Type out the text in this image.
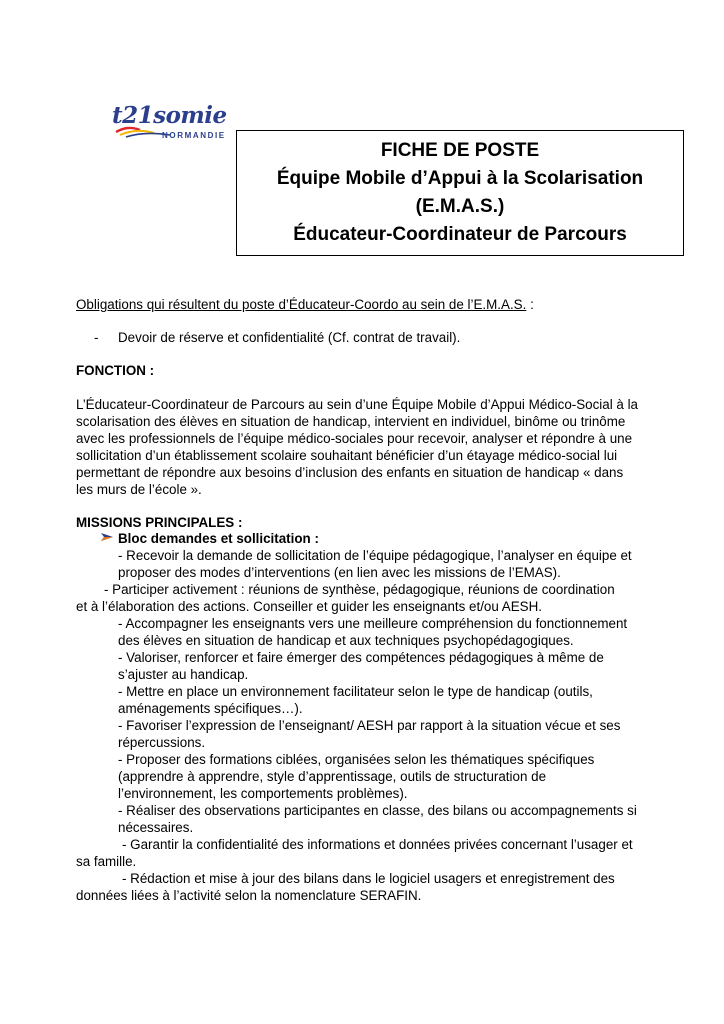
t21somie
NORMANDIE
FICHE DE POSTE
Équipe Mobile d’Appui à la Scolarisation
(E.M.A.S.)
Éducateur-Coordinateur de Parcours
Obligations qui résultent du poste d’Éducateur-Coordo au sein de l’E.M.A.S. :
- Devoir de réserve et confidentialité (Cf. contrat de travail).
FONCTION :
L’Éducateur-Coordinateur de Parcours au sein d’une Équipe Mobile d’Appui Médico-Social à la
scolarisation des élèves en situation de handicap, intervient en individuel, binôme ou trinôme
avec les professionnels de l’équipe médico-sociales pour recevoir, analyser et répondre à une
sollicitation d’un établissement scolaire souhaitant bénéficier d’un étayage médico-social lui
permettant de répondre aux besoins d’inclusion des enfants en situation de handicap « dans
les murs de l’école ».
MISSIONS PRINCIPALES :
Bloc demandes et sollicitation :
- Recevoir la demande de sollicitation de l’équipe pédagogique, l’analyser en équipe et
proposer des modes d’interventions (en lien avec les missions de l’EMAS).
- Participer activement : réunions de synthèse, pédagogique, réunions de coordination
et à l’élaboration des actions. Conseiller et guider les enseignants et/ou AESH.
- Accompagner les enseignants vers une meilleure compréhension du fonctionnement
des élèves en situation de handicap et aux techniques psychopédagogiques.
- Valoriser, renforcer et faire émerger des compétences pédagogiques à même de
s’ajuster au handicap.
- Mettre en place un environnement facilitateur selon le type de handicap (outils,
aménagements spécifiques…).
- Favoriser l’expression de l’enseignant/ AESH par rapport à la situation vécue et ses
répercussions.
- Proposer des formations ciblées, organisées selon les thématiques spécifiques
(apprendre à apprendre, style d’apprentissage, outils de structuration de
l’environnement, les comportements problèmes).
- Réaliser des observations participantes en classe, des bilans ou accompagnements si
nécessaires.
- Garantir la confidentialité des informations et données privées concernant l’usager et
sa famille.
- Rédaction et mise à jour des bilans dans le logiciel usagers et enregistrement des
données liées à l’activité selon la nomenclature SERAFIN.
